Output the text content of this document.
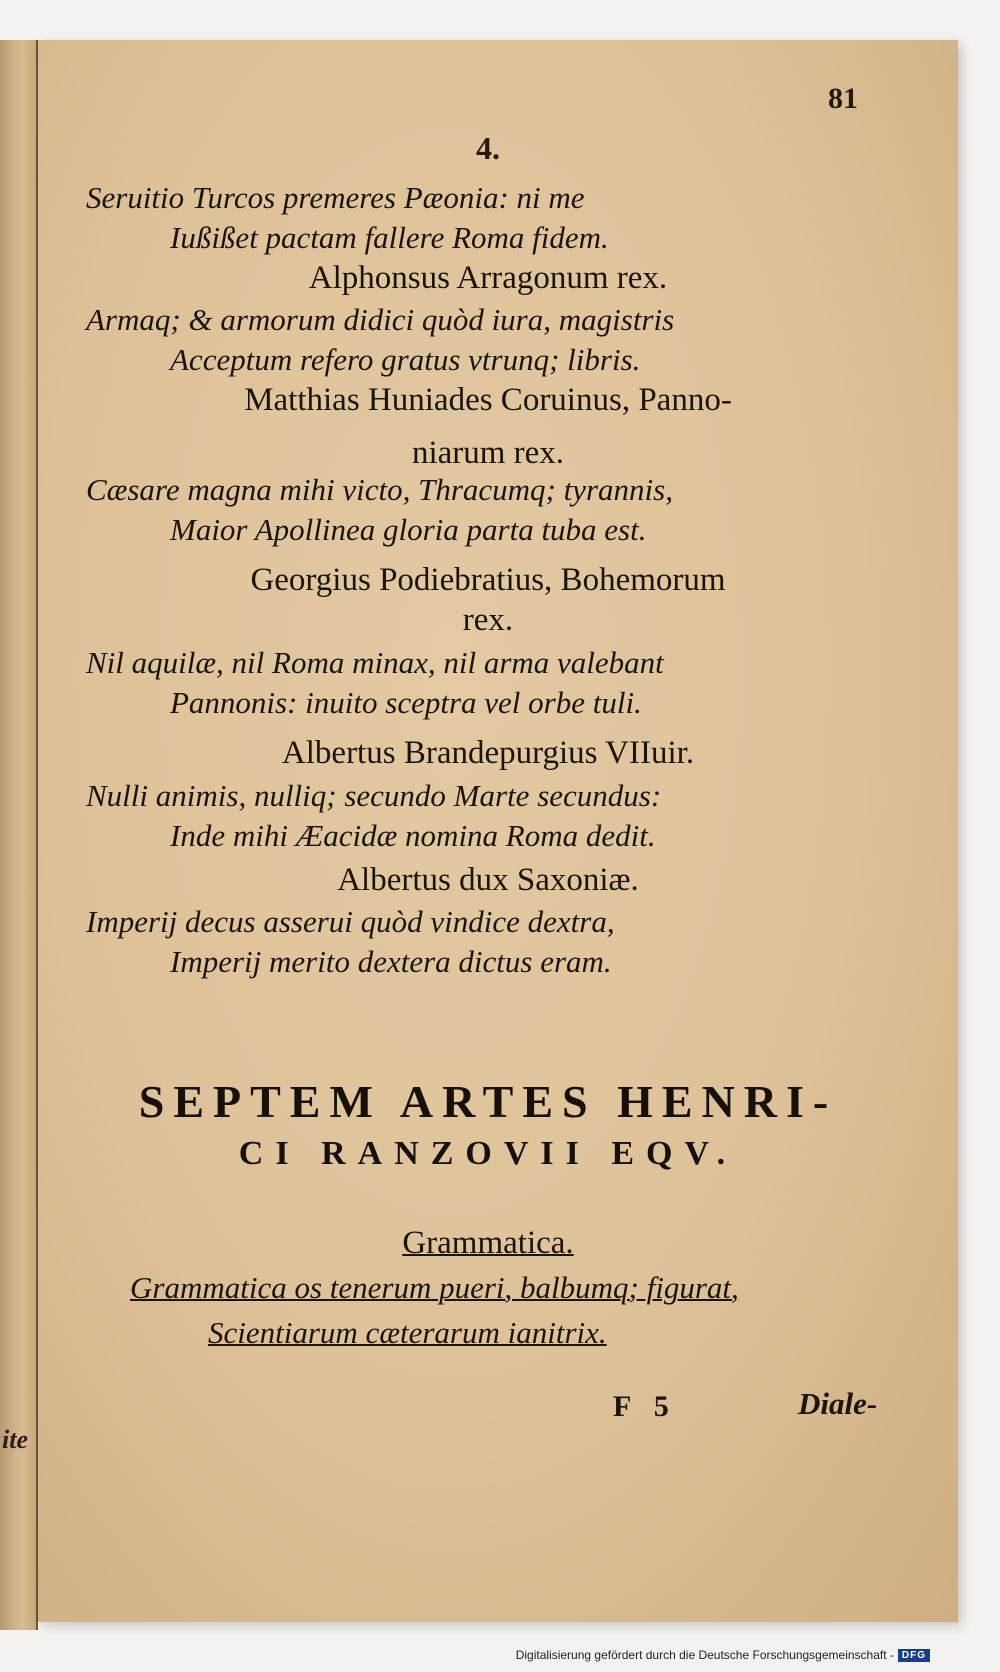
ite
81
4.
Seruitio Turcos premeres Pæonia: ni me
Iußißet pactam fallere Roma fidem.
Alphonsus Arragonum rex.
Armaq; & armorum didici quòd iura, magistris
Acceptum refero gratus vtrunq; libris.
Matthias Huniades Coruinus, Panno-
niarum rex.
Cæsare magna mihi victo, Thracumq; tyrannis,
Maior Apollinea gloria parta tuba est.
Georgius Podiebratius, Bohemorum
rex.
Nil aquilæ, nil Roma minax, nil arma valebant
Pannonis: inuito sceptra vel orbe tuli.
Albertus Brandepurgius VIIuir.
Nulli animis, nulliq; secundo Marte secundus:
Inde mihi Æacidæ nomina Roma dedit.
Albertus dux Saxoniæ.
Imperij decus asserui quòd vindice dextra,
Imperij merito dextera dictus eram.
SEPTEM ARTES HENRI-
CI RANZOVII EQV.
Grammatica.
Grammatica os tenerum pueri, balbumq; figurat,
Scientiarum cæterarum ianitrix.
F 5	Diale-
Digitalisierung gefördert durch die Deutsche Forschungsgemeinschaft - DFG
